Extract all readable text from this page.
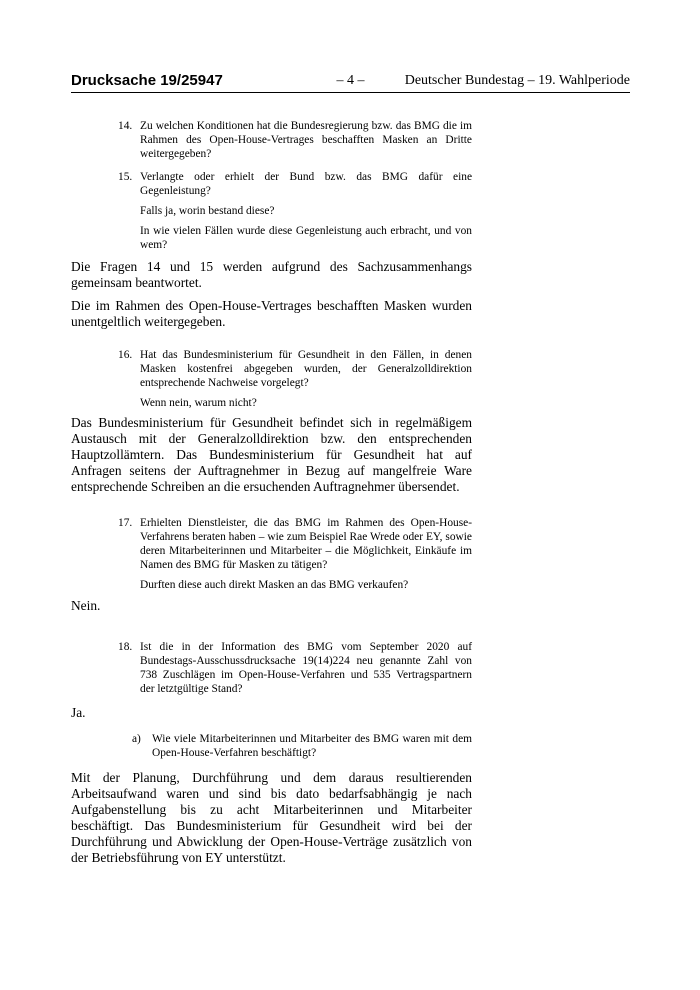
Drucksache 19/25947	– 4 –	Deutscher Bundestag – 19. Wahlperiode
14. Zu welchen Konditionen hat die Bundesregierung bzw. das BMG die im Rahmen des Open-House-Vertrages beschafften Masken an Dritte weitergegeben?

15. Verlangte oder erhielt der Bund bzw. das BMG dafür eine Gegenleistung?

Falls ja, worin bestand diese?

In wie vielen Fällen wurde diese Gegenleistung auch erbracht, und von wem?

Die Fragen 14 und 15 werden aufgrund des Sachzusammenhangs gemeinsam beantwortet.

Die im Rahmen des Open-House-Vertrages beschafften Masken wurden unentgeltlich weitergegeben.

16. Hat das Bundesministerium für Gesundheit in den Fällen, in denen Masken kostenfrei abgegeben wurden, der Generalzolldirektion entsprechende Nachweise vorgelegt?

Wenn nein, warum nicht?

Das Bundesministerium für Gesundheit befindet sich in regelmäßigem Austausch mit der Generalzolldirektion bzw. den entsprechenden Hauptzollämtern. Das Bundesministerium für Gesundheit hat auf Anfragen seitens der Auftragnehmer in Bezug auf mangelfreie Ware entsprechende Schreiben an die ersuchenden Auftragnehmer übersendet.

17. Erhielten Dienstleister, die das BMG im Rahmen des Open-House-Verfahrens beraten haben – wie zum Beispiel Rae Wrede oder EY, sowie deren Mitarbeiterinnen und Mitarbeiter – die Möglichkeit, Einkäufe im Namen des BMG für Masken zu tätigen?

Durften diese auch direkt Masken an das BMG verkaufen?

Nein.

18. Ist die in der Information des BMG vom September 2020 auf Bundestags-Ausschussdrucksache 19(14)224 neu genannte Zahl von 738 Zuschlägen im Open-House-Verfahren und 535 Vertragspartnern der letztgültige Stand?

Ja.

a) Wie viele Mitarbeiterinnen und Mitarbeiter des BMG waren mit dem Open-House-Verfahren beschäftigt?

Mit der Planung, Durchführung und dem daraus resultierenden Arbeitsaufwand waren und sind bis dato bedarfsabhängig je nach Aufgabenstellung bis zu acht Mitarbeiterinnen und Mitarbeiter beschäftigt. Das Bundesministerium für Gesundheit wird bei der Durchführung und Abwicklung der Open-House-Verträge zusätzlich von der Betriebsführung von EY unterstützt.
